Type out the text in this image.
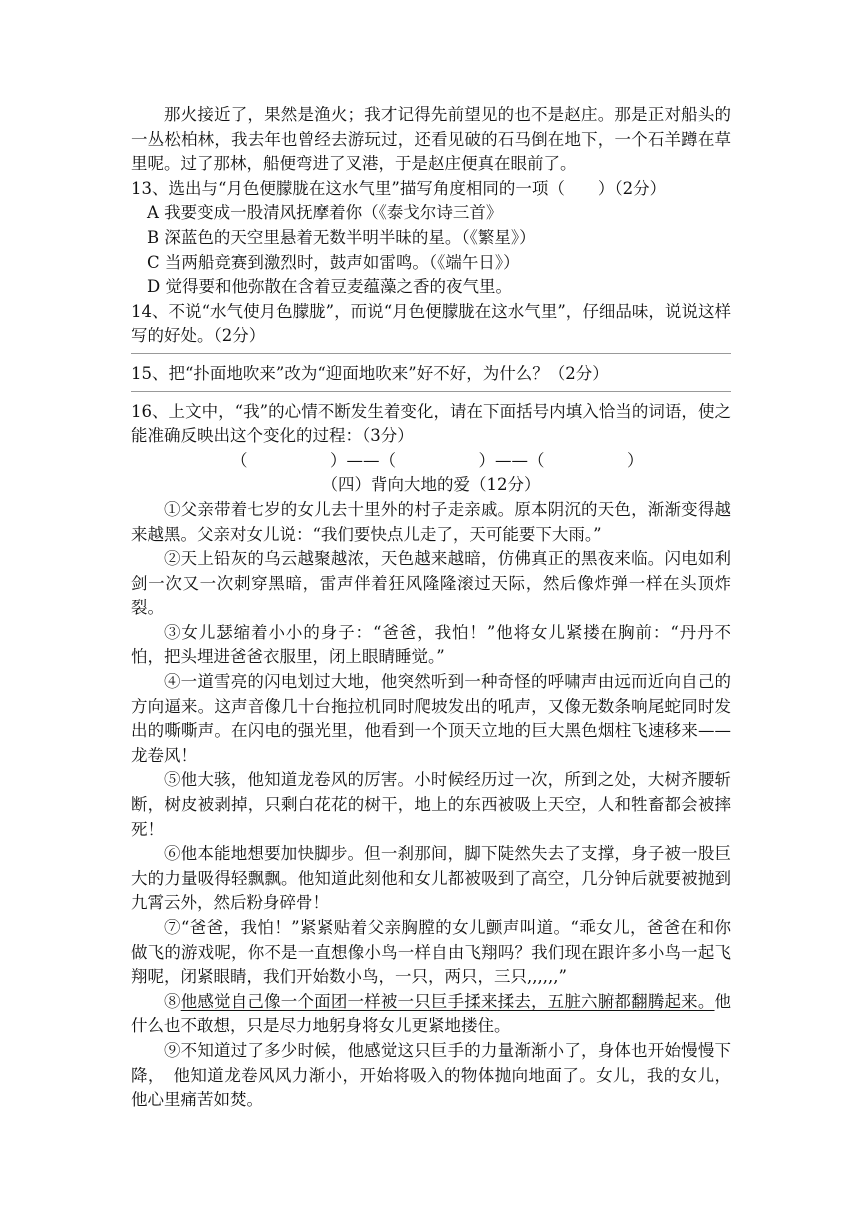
那火接近了，果然是渔火；我才记得先前望见的也不是赵庄。那是正对船头的一丛松柏林，我去年也曾经去游玩过，还看见破的石马倒在地下，一个石羊蹲在草里呢。过了那林，船便弯进了叉港，于是赵庄便真在眼前了。

13、选出与“月色便朦胧在这水气里”描写角度相同的一项（　　）（2分）

A 我要变成一股清风抚摩着你（《泰戈尔诗三首》

B 深蓝色的天空里悬着无数半明半昧的星。（《繁星》）

C 当两船竞赛到激烈时，鼓声如雷鸣。（《端午日》）

D 觉得要和他弥散在含着豆麦蕴藻之香的夜气里。

14、不说“水气使月色朦胧”，而说“月色便朦胧在这水气里”，仔细品味，说说这样写的好处。（2分）

15、把“扑面地吹来”改为“迎面地吹来”好不好，为什么？（2分）

16、上文中，“我”的心情不断发生着变化，请在下面括号内填入恰当的词语，使之能准确反映出这个变化的过程：（3分）

（　　　　　）——（　　　　　）——（　　　　　）

（四）背向大地的爱（12分）

①父亲带着七岁的女儿去十里外的村子走亲戚。原本阴沉的天色，渐渐变得越来越黑。父亲对女儿说：“我们要快点儿走了，天可能要下大雨。”

②天上铅灰的乌云越聚越浓，天色越来越暗，仿佛真正的黑夜来临。闪电如利剑一次又一次刺穿黑暗，雷声伴着狂风隆隆滚过天际，然后像炸弹一样在头顶炸裂。

③女儿瑟缩着小小的身子：“爸爸，我怕！”他将女儿紧搂在胸前：“丹丹不怕，把头埋进爸爸衣服里，闭上眼睛睡觉。”

④一道雪亮的闪电划过大地，他突然听到一种奇怪的呼啸声由远而近向自己的方向逼来。这声音像几十台拖拉机同时爬坡发出的吼声，又像无数条响尾蛇同时发出的嘶嘶声。在闪电的强光里，他看到一个顶天立地的巨大黑色烟柱飞速移来——龙卷风！

⑤他大骇，他知道龙卷风的厉害。小时候经历过一次，所到之处，大树齐腰斩断，树皮被剥掉，只剩白花花的树干，地上的东西被吸上天空，人和牲畜都会被摔死！

⑥他本能地想要加快脚步。但一刹那间，脚下陡然失去了支撑，身子被一股巨大的力量吸得轻飘飘。他知道此刻他和女儿都被吸到了高空，几分钟后就要被抛到九霄云外，然后粉身碎骨！

⑦“爸爸，我怕！”紧紧贴着父亲胸膛的女儿颤声叫道。“乖女儿，爸爸在和你做飞的游戏呢，你不是一直想像小鸟一样自由飞翔吗？我们现在跟许多小鸟一起飞翔呢，闭紧眼睛，我们开始数小鸟，一只，两只，三只,,,,,,”

⑧他感觉自己像一个面团一样被一只巨手揉来揉去，五脏六腑都翻腾起来。他什么也不敢想，只是尽力地躬身将女儿更紧地搂住。

⑨不知道过了多少时候，他感觉这只巨手的力量渐渐小了，身体也开始慢慢下降，　他知道龙卷风风力渐小，开始将吸入的物体抛向地面了。女儿，我的女儿，他心里痛苦如焚。
